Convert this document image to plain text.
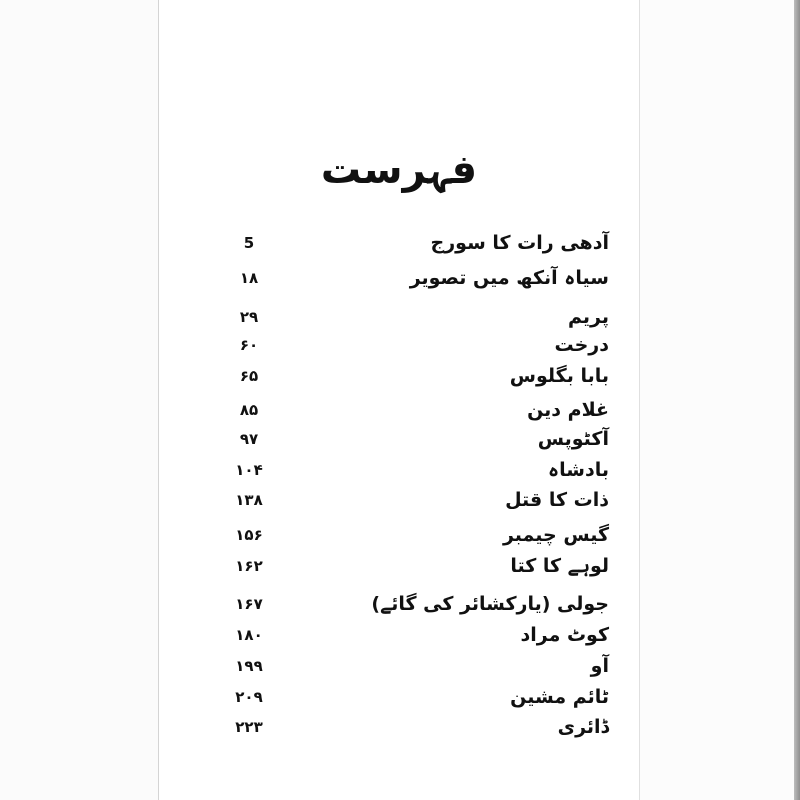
فہرست
آدھی رات کا سورج
5
سیاہ آنکھ میں تصویر
۱۸
پریم
۲۹
درخت
۶۰
بابا بگلوس
۶۵
غلام دین
۸۵
آکٹوپس
۹۷
بادشاہ
۱۰۴
ذات کا قتل
۱۳۸
گیس چیمبر
۱۵۶
لوہے کا کتا
۱۶۲
جولی (یارکشائر کی گائے)
۱۶۷
کوٹ مراد
۱۸۰
آو
۱۹۹
ٹائم مشین
۲۰۹
ڈائری
۲۲۳
